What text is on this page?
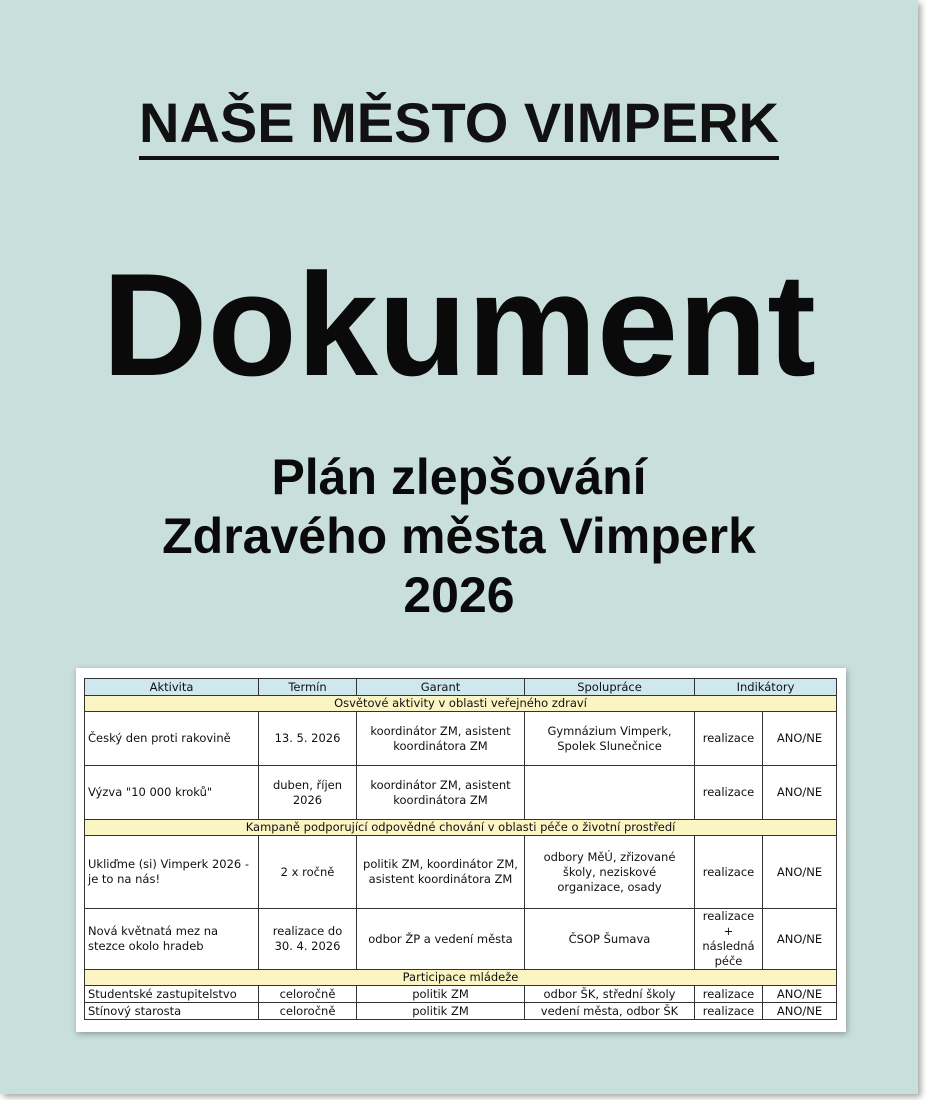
NAŠE MĚSTO VIMPERK
Dokument
Plán zlepšování
Zdravého města Vimperk
2026
Aktivita	Termín	Garant	Spolupráce	Indikátory	
Osvětové aktivity v oblasti veřejného zdraví					
Český den proti rakovině	13. 5. 2026	koordinátor ZM, asistent koordinátora ZM	Gymnázium Vimperk, Spolek Slunečnice	realizace	ANO/NE
Výzva "10 000 kroků"	duben, říjen 2026	koordinátor ZM, asistent koordinátora ZM		realizace	ANO/NE
Kampaně podporující odpovědné chování v oblasti péče o životní prostředí					
Ukliďme (si) Vimperk 2026 - je to na nás!	2 x ročně	politik ZM, koordinátor ZM, asistent koordinátora ZM	odbory MěÚ, zřizované školy, neziskové organizace, osady	realizace	ANO/NE
Nová květnatá mez na stezce okolo hradeb	realizace do 30. 4. 2026	odbor ŽP a vedení města	ČSOP Šumava	realizace + následná péče	ANO/NE
Participace mládeže					
Studentské zastupitelstvo	celoročně	politik ZM	odbor ŠK, střední školy	realizace	ANO/NE
Stínový starosta	celoročně	politik ZM	vedení města, odbor ŠK	realizace	ANO/NE
